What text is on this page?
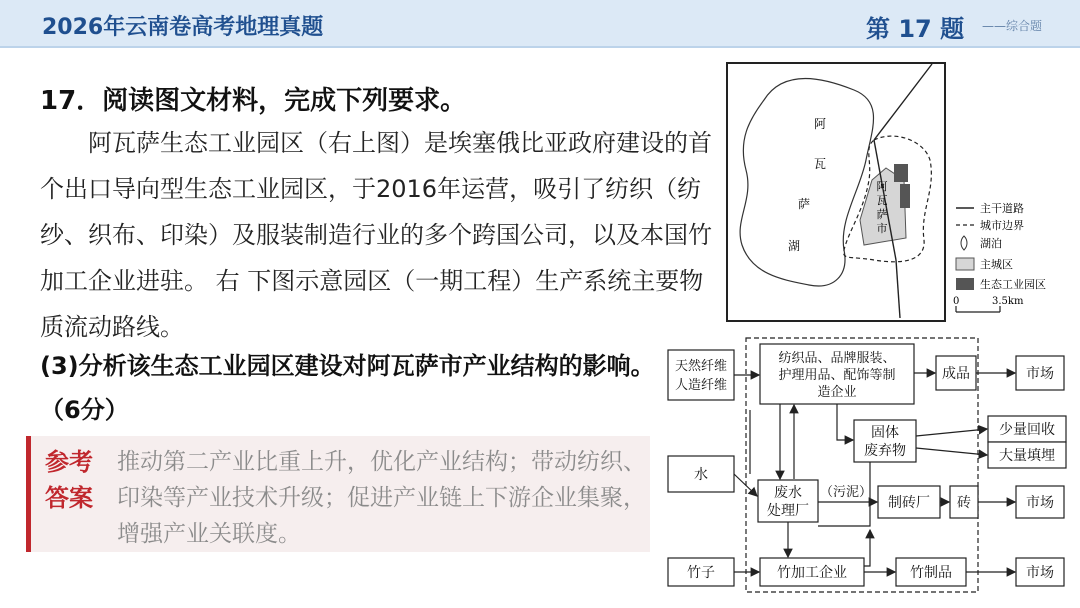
2026年云南卷高考地理真题	第 17 题 ——综合题
17．阅读图文材料，完成下列要求。
阿瓦萨生态工业园区（右上图）是埃塞俄比亚政府建设的首个出口导向型生态工业园区，于2016年运营，吸引了纺织（纺纱、织布、印染）及服装制造行业的多个跨国公司，以及本国竹加工企业进驻。 右 下图示意园区（一期工程）生产系统主要物质流动路线。
(3)分析该生态工业园区建设对阿瓦萨市产业结构的影响。（6分）
参考答案
推动第二产业比重上升，优化产业结构；带动纺织、印染等产业技术升级；促进产业链上下游企业集聚，增强产业关联度。
阿
瓦
萨
湖
阿
瓦
萨
市
主干道路
城市边界
湖泊
主城区
生态工业园区
0	3.5km
天然纤维
人造纤维
纺织品、品牌服装、
护理用品、配饰等制
造企业
成品	市场
固体
废弃物
少量回收
大量填埋
水
废水
处理厂
（污泥）
制砖厂 砖	市场
竹子	竹加工企业	竹制品	市场
